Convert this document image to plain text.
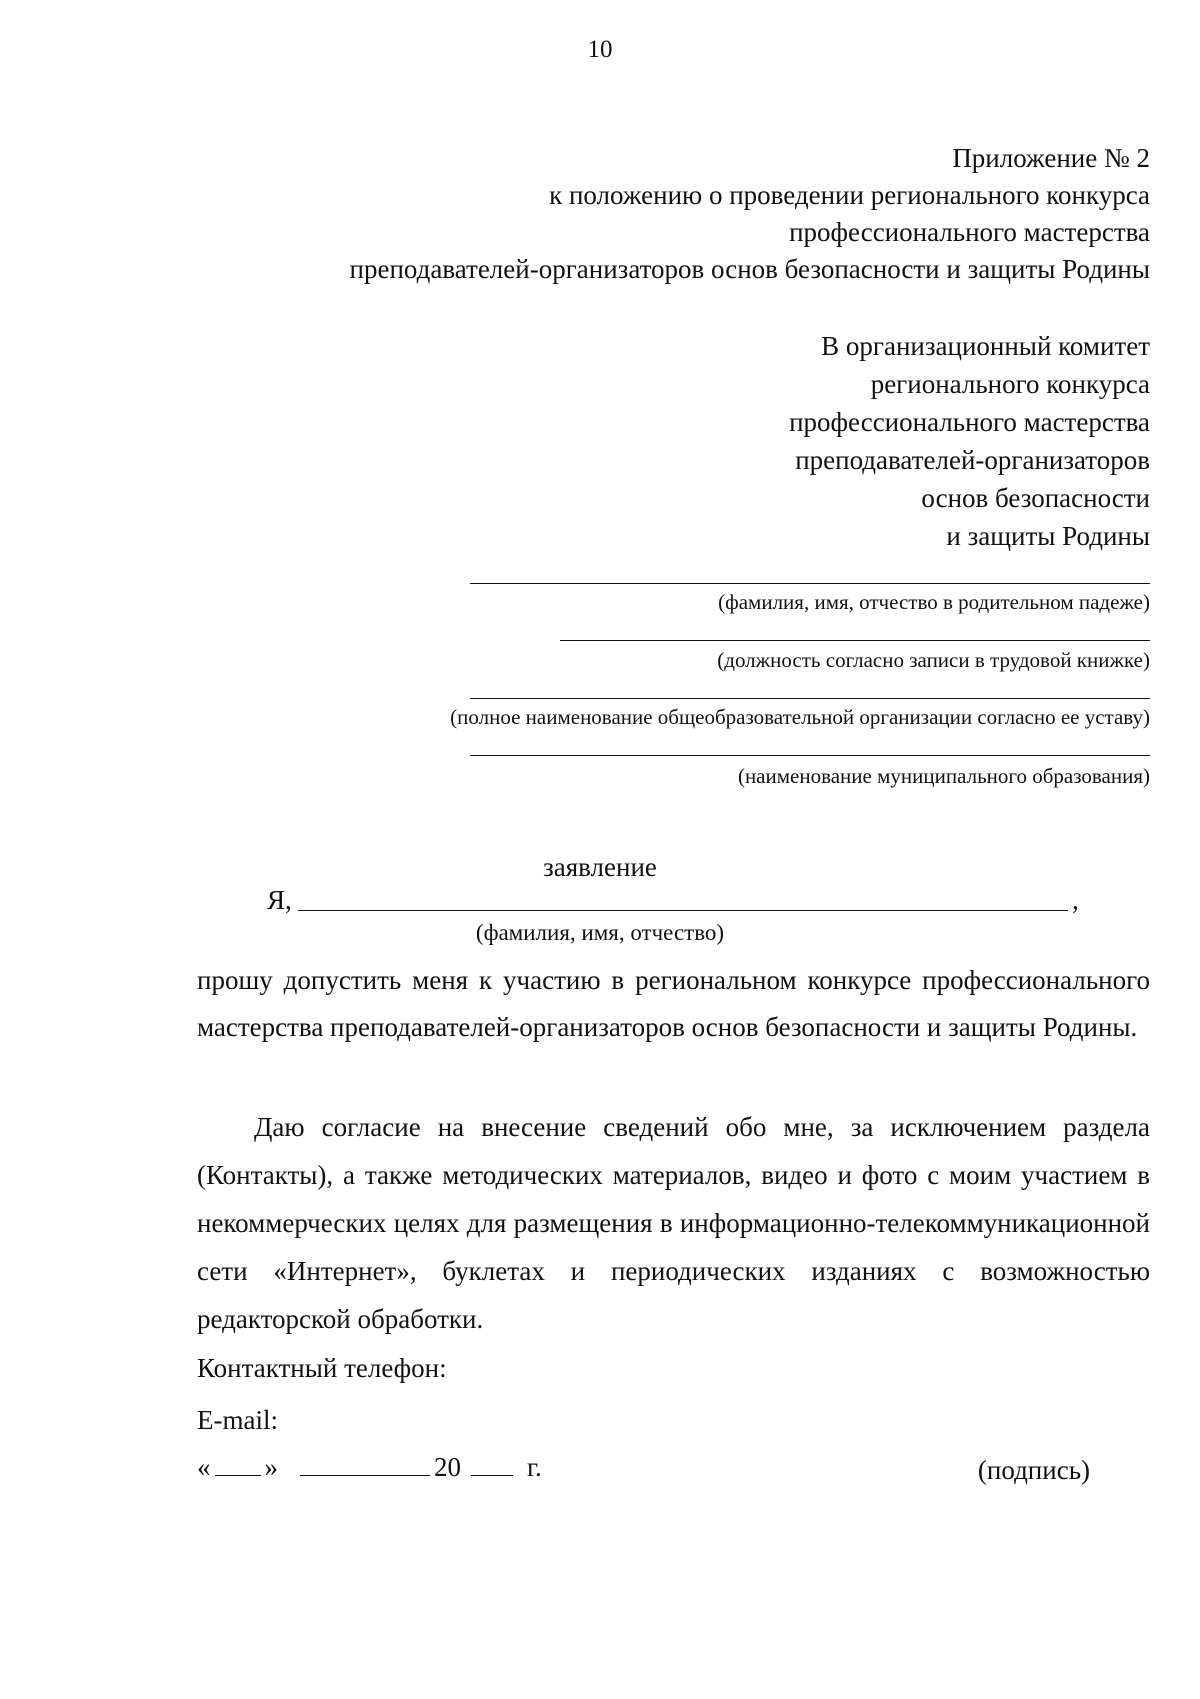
10
Приложение № 2
к положению о проведении регионального конкурса
профессионального мастерства
преподавателей-организаторов основ безопасности и защиты Родины
В организационный комитет
регионального конкурса
профессионального мастерства
преподавателей-организаторов
основ безопасности
и защиты Родины
(фамилия, имя, отчество в родительном падеже)
(должность согласно записи в трудовой книжке)
(полное наименование общеобразовательной организации согласно ее уставу)
(наименование муниципального образования)
заявление
Я,	,
(фамилия, имя, отчество)
прошу допустить меня к участию в региональном конкурсе профессионального мастерства преподавателей-организаторов основ безопасности и защиты Родины.
Даю согласие на внесение сведений обо мне, за исключением раздела (Контакты), а также методических материалов, видео и фото с моим участием в некоммерческих целях для размещения в информационно-телекоммуникационной сети «Интернет», буклетах и периодических изданиях с возможностью редакторской обработки.
Контактный телефон:
E-mail:
« »	20 г.	(подпись)
